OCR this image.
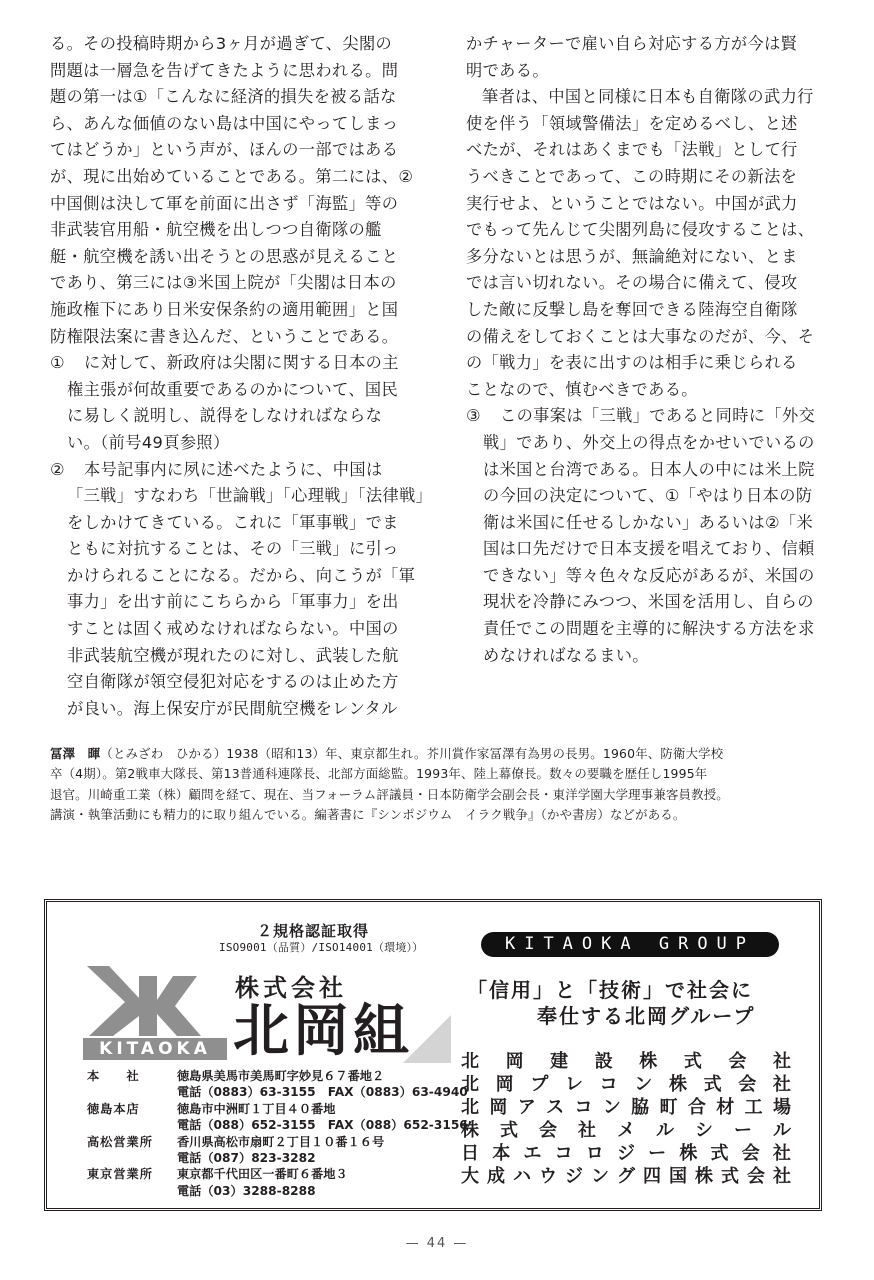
る。その投稿時期から3ヶ月が過ぎて、尖閣の

問題は一層急を告げてきたように思われる。問

題の第一は①「こんなに経済的損失を被る話な

ら、あんな価値のない島は中国にやってしまっ

てはどうか」という声が、ほんの一部ではある

が、現に出始めていることである。第二には、②

中国側は決して軍を前面に出さず「海監」等の

非武装官用船・航空機を出しつつ自衛隊の艦

艇・航空機を誘い出そうとの思惑が見えること

であり、第三には③米国上院が「尖閣は日本の

施政権下にあり日米安保条約の適用範囲」と国

防権限法案に書き込んだ、ということである。

①	に対して、新政府は尖閣に関する日本の主

権主張が何故重要であるのかについて、国民

に易しく説明し、説得をしなければならな

い。（前号49頁参照）

②	本号記事内に夙に述べたように、中国は

「三戦」すなわち「世論戦」「心理戦」「法律戦」

をしかけてきている。これに「軍事戦」でま

ともに対抗することは、その「三戦」に引っ

かけられることになる。だから、向こうが「軍

事力」を出す前にこちらから「軍事力」を出

すことは固く戒めなければならない。中国の

非武装航空機が現れたのに対し、武装した航

空自衛隊が領空侵犯対応をするのは止めた方

が良い。海上保安庁が民間航空機をレンタル

かチャーターで雇い自ら対応する方が今は賢

明である。

筆者は、中国と同様に日本も自衛隊の武力行

使を伴う「領域警備法」を定めるべし、と述

べたが、それはあくまでも「法戦」として行

うべきことであって、この時期にその新法を

実行せよ、ということではない。中国が武力

でもって先んじて尖閣列島に侵攻することは、

多分ないとは思うが、無論絶対にない、とま

では言い切れない。その場合に備えて、侵攻

した敵に反撃し島を奪回できる陸海空自衛隊

の備えをしておくことは大事なのだが、今、そ

の「戦力」を表に出すのは相手に乗じられる

ことなので、慎むべきである。

③	この事案は「三戦」であると同時に「外交

戦」であり、外交上の得点をかせいでいるの

は米国と台湾である。日本人の中には米上院

の今回の決定について、①「やはり日本の防

衛は米国に任せるしかない」あるいは②「米

国は口先だけで日本支援を唱えており、信頼

できない」等々色々な反応があるが、米国の

現状を冷静にみつつ、米国を活用し、自らの

責任でこの問題を主導的に解決する方法を求

めなければなるまい。

冨澤　暉（とみざわ　ひかる）1938（昭和13）年、東京都生れ。芥川賞作家冨澤有為男の長男。1960年、防衛大学校

卒（4期）。第2戦車大隊長、第13普通科連隊長、北部方面総監。1993年、陸上幕僚長。数々の要職を歴任し1995年

退官。川崎重工業（株）顧問を経て、現在、当フォーラム評議員・日本防衛学会副会長・東洋学園大学理事兼客員教授。

講演・執筆活動にも精力的に取り組んでいる。編著書に『シンポジウム　イラク戦争』（かや書房）などがある。

２規格認証取得
ISO9001（品質）/ISO14001（環境））
KITAOKA
株式会社
北岡組
本　　社	徳島県美馬市美馬町字妙見６７番地２

電話（0883）63-3155　FAX（0883）63-4940

徳島本店	徳島市中洲町１丁目４０番地

電話（088）652-3155　FAX（088）652-3156

高松営業所	香川県高松市扇町２丁目１０番１６号

電話（087）823-3282

東京営業所	東京都千代田区一番町６番地３

電話（03）3288-8288

KITAOKA GROUP
「信用」と「技術」で社会に
奉仕する北岡グループ
北 岡 建 設 株 式 会 社
北 岡 プ レ コ ン 株 式 会 社
北 岡 ア ス コ ン 脇 町 合 材 工 場
株 式 会 社 メ ル シ ー ル
日 本 エ コ ロ ジ ー 株 式 会 社
大 成 ハ ウ ジ ン グ 四 国 株 式 会 社
— 44 —
